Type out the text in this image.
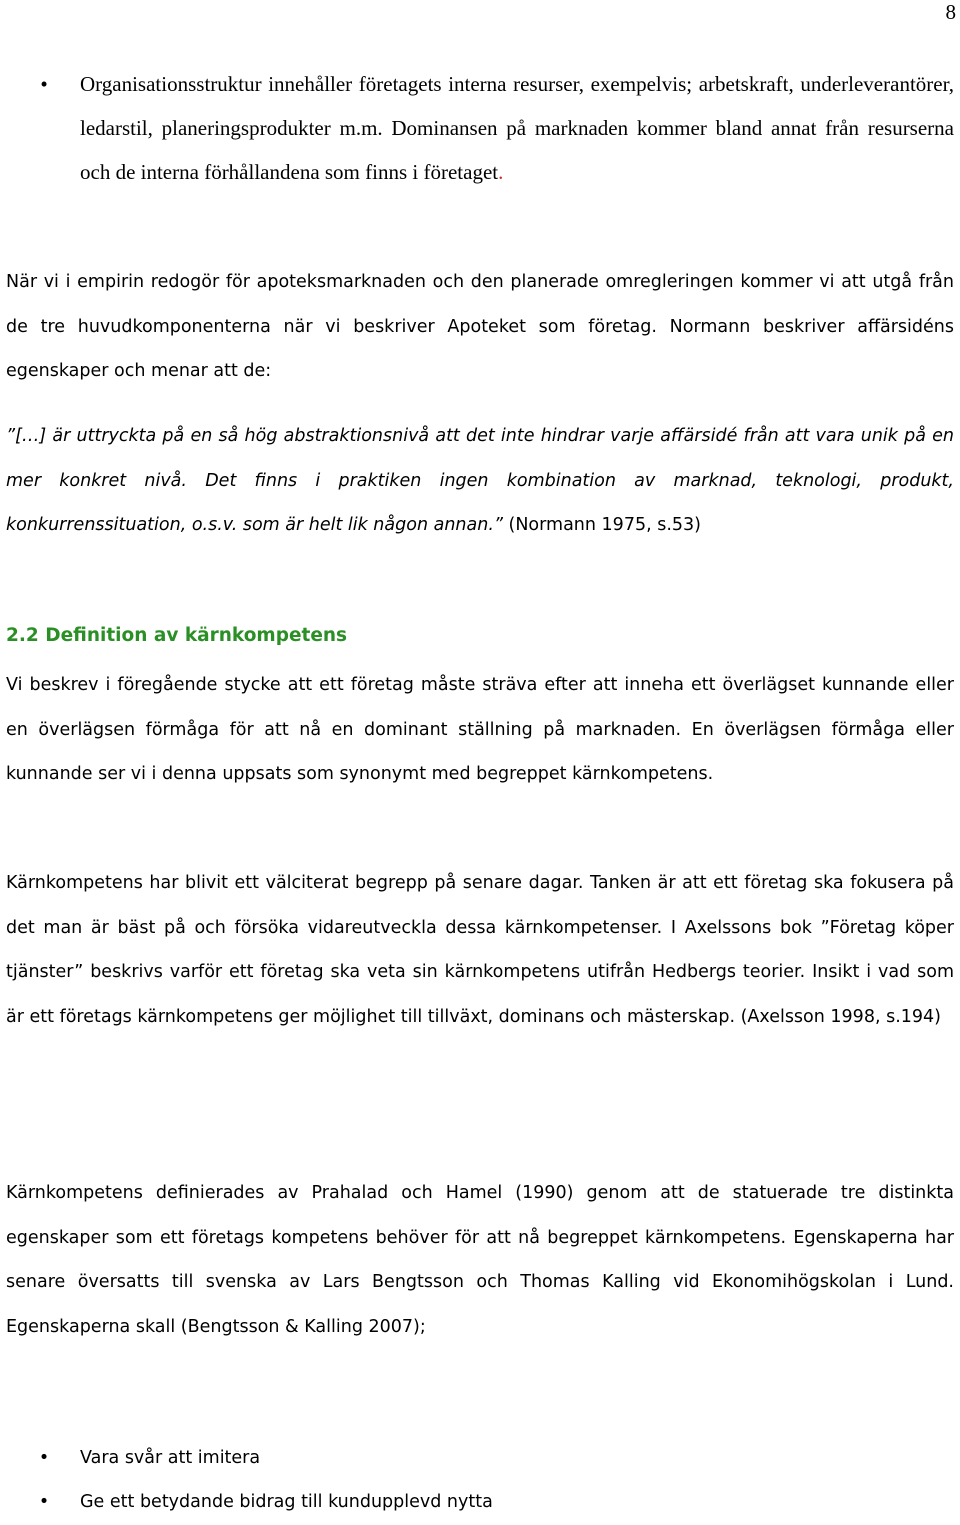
8
•	Organisationsstruktur innehåller företagets interna resurser, exempelvis; arbetskraft, underleverantörer, ledarstil, planeringsprodukter m.m. Dominansen på marknaden kommer bland annat från resurserna och de interna förhållandena som finns i företaget.

När vi i empirin redogör för apoteksmarknaden och den planerade omregleringen kommer vi att utgå från de tre huvudkomponenterna när vi beskriver Apoteket som företag. Normann beskriver affärsidéns egenskaper och menar att de:

”[…] är uttryckta på en så hög abstraktionsnivå att det inte hindrar varje affärsidé från att vara unik på en mer konkret nivå. Det finns i praktiken ingen kombination av marknad, teknologi, produkt, konkurrenssituation, o.s.v. som är helt lik någon annan.” (Normann 1975, s.53)

2.2 Definition av kärnkompetens

Vi beskrev i föregående stycke att ett företag måste sträva efter att inneha ett överlägset kunnande eller en överlägsen förmåga för att nå en dominant ställning på marknaden. En överlägsen förmåga eller kunnande ser vi i denna uppsats som synonymt med begreppet kärnkompetens.

Kärnkompetens har blivit ett välciterat begrepp på senare dagar. Tanken är att ett företag ska fokusera på det man är bäst på och försöka vidareutveckla dessa kärnkompetenser. I Axelssons bok ”Företag köper tjänster” beskrivs varför ett företag ska veta sin kärnkompetens utifrån Hedbergs teorier. Insikt i vad som är ett företags kärnkompetens ger möjlighet till tillväxt, dominans och mästerskap. (Axelsson 1998, s.194)

Kärnkompetens definierades av Prahalad och Hamel (1990) genom att de statuerade tre distinkta egenskaper som ett företags kompetens behöver för att nå begreppet kärnkompetens. Egenskaperna har senare översatts till svenska av Lars Bengtsson och Thomas Kalling vid Ekonomihögskolan i Lund. Egenskaperna skall (Bengtsson & Kalling 2007);

• Vara svår att imitera
• Ge ett betydande bidrag till kundupplevd nytta
